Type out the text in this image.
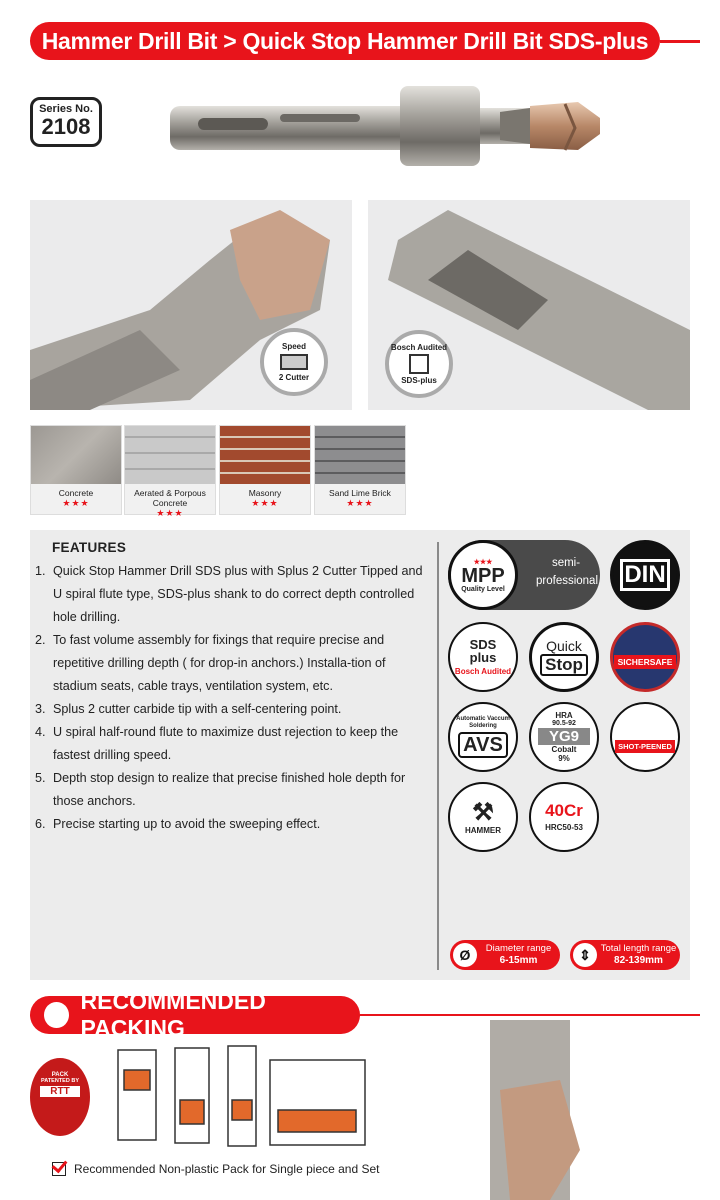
Hammer Drill Bit > Quick Stop Hammer Drill Bit SDS-plus
Series No.
2108
Speed
2 Cutter
Bosch Audited
SDS-plus
Concrete
★★★
Aerated & Porpous Concrete
★★★
Masonry
★★★
Sand Lime Brick
★★★
FEATURES
1. Quick Stop Hammer Drill SDS plus with Splus 2 Cutter Tipped and U spiral flute type, SDS-plus shank to do correct depth controlled hole drilling.
2. To fast volume assembly for fixings that require precise and repetitive drilling depth ( for drop-in anchors.) Installa-tion of stadium seats, cable trays, ventilation system, etc.
3. Splus 2 cutter carbide tip with a self-centering point.
4. U spiral half-round flute to maximize dust rejection to keep the fastest drilling speed.
5. Depth stop design to realize that precise finished hole depth for those anchors.
6. Precise starting up to avoid the sweeping effect.
semi-professional
★★★
MPP
Quality Level
DIN
SDS
plus
Bosch Audited
Quick
Stop	SICHERSAFE
Automatic Vaccum Soldering
AVS
HRA
90.5-92
YG9
Cobalt
9%
SHOT-PEENED
⚒
HAMMER
40Cr
HRC50-53
Ø	Diameter range
6-15mm	⇕	Total length range
82-139mm
RECOMMENDED PACKING
PACK
PATENTED BY
RTT
Recommended Non-plastic Pack for Single piece and Set
